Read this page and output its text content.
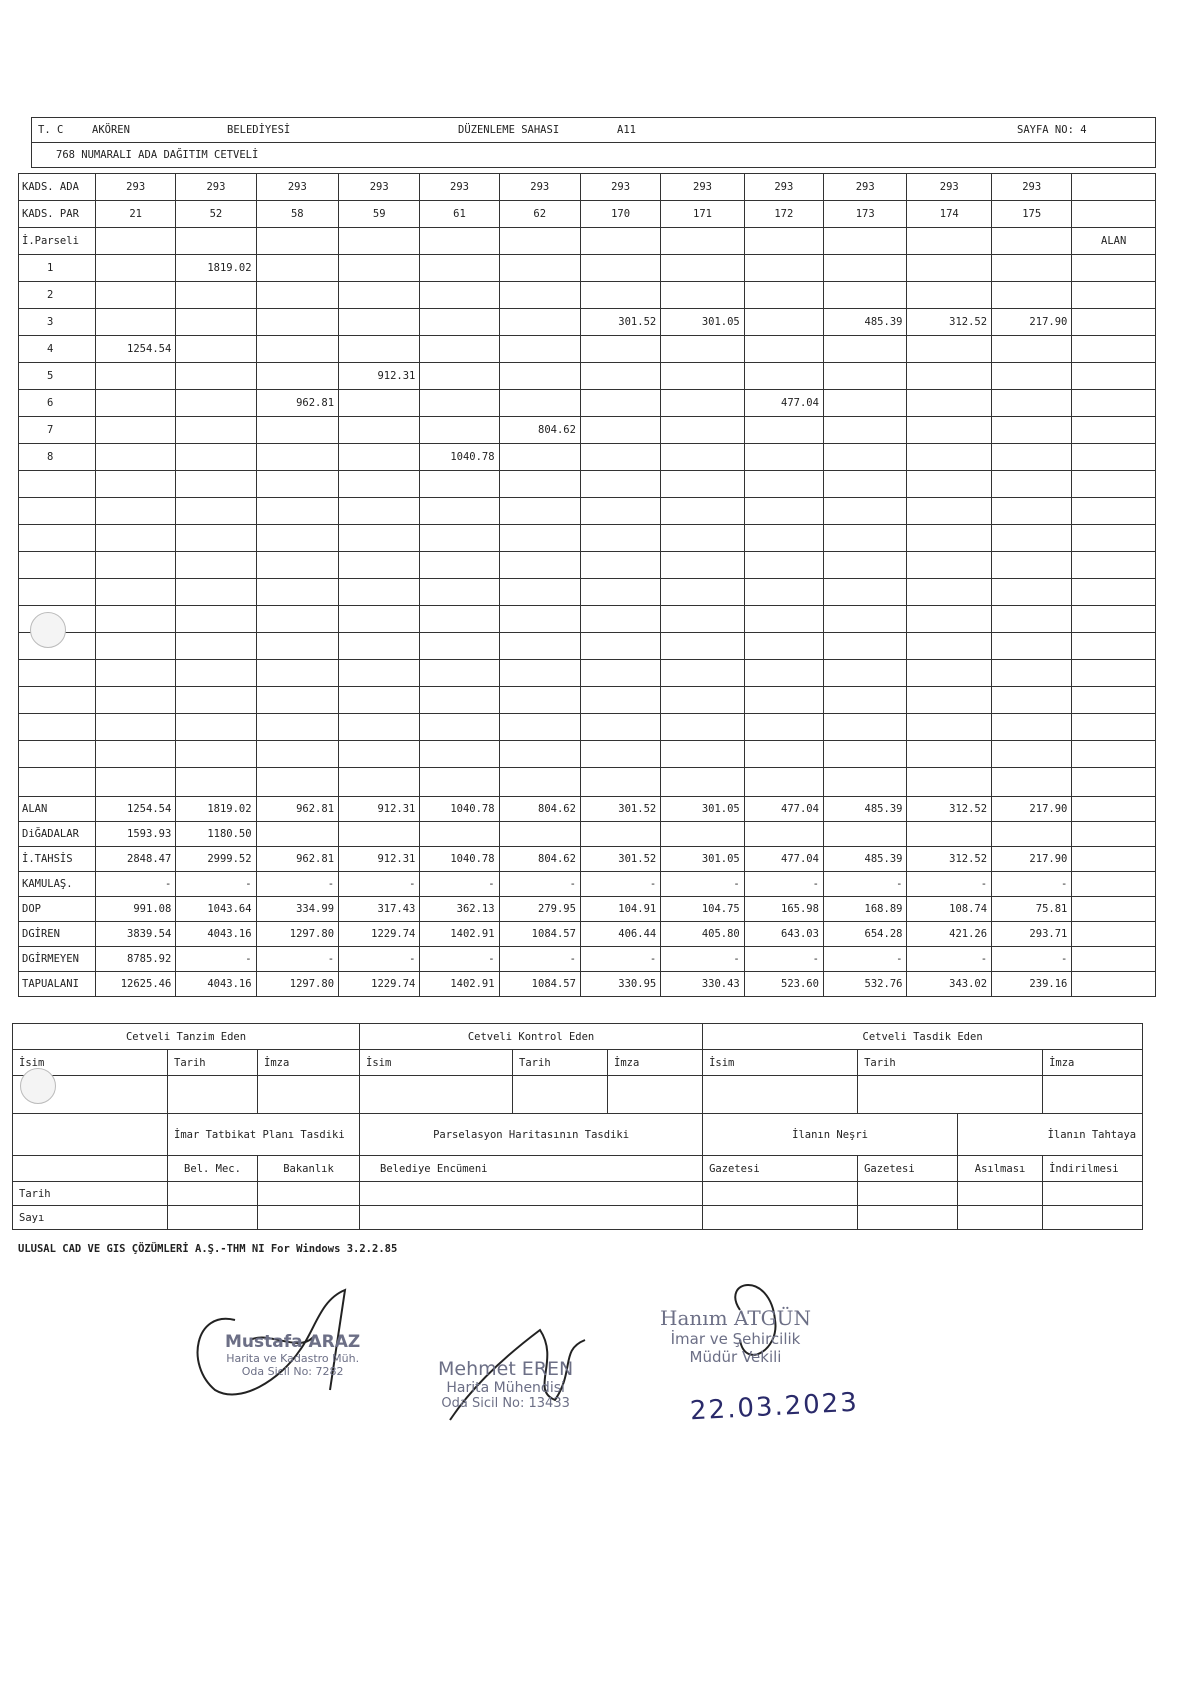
T. C	AKÖREN	BELEDİYESİ	DÜZENLEME SAHASI	A11	SAYFA NO: 4

768 NUMARALI ADA DAĞITIM CETVELİ
KADS. ADA	293	293	293	293	293	293	293	293	293	293	293	293	
KADS. PAR	21	52	58	59	61	62	170	171	172	173	174	175	
İ.Parseli													ALAN
1		1819.02											
2													
3							301.52	301.05		485.39	312.52	217.90	
4	1254.54												
5				912.31									
6			962.81						477.04				
7						804.62							
8					1040.78								

ALAN	1254.54	1819.02	962.81	912.31	1040.78	804.62	301.52	301.05	477.04	485.39	312.52	217.90	
DiĞADALAR	1593.93	1180.50											
İ.TAHSİS	2848.47	2999.52	962.81	912.31	1040.78	804.62	301.52	301.05	477.04	485.39	312.52	217.90	
KAMULAŞ.	-	-	-	-	-	-	-	-	-	-	-	-	
DOP	991.08	1043.64	334.99	317.43	362.13	279.95	104.91	104.75	165.98	168.89	108.74	75.81	
DGİREN	3839.54	4043.16	1297.80	1229.74	1402.91	1084.57	406.44	405.80	643.03	654.28	421.26	293.71	
DGİRMEYEN	8785.92	-	-	-	-	-	-	-	-	-	-	-	
TAPUALANI	12625.46	4043.16	1297.80	1229.74	1402.91	1084.57	330.95	330.43	523.60	532.76	343.02	239.16	
Cetveli Tanzim Eden			Cetveli Kontrol Eden			Cetveli Tasdik Eden			
İsim	Tarih	İmza	İsim	Tarih	İmza	İsim	Tarih		İmza

	İmar Tatbikat Planı Tasdiki		Parselasyon Haritasının Tasdiki			İlanın Neşri		İlanın Tahtaya	
	Bel. Mec.	Bakanlık	Belediye Encümeni			Gazetesi	Gazetesi	Asılması	İndirilmesi
Tarih									
Sayı									
ULUSAL CAD VE GIS ÇÖZÜMLERİ A.Ş.-THM NI For Windows 3.2.2.85
Mustafa ARAZ
Harita ve Kadastro Müh.
Oda Sicil No: 7282	Mehmet EREN
Harita Mühendisi
Oda Sicil No: 13433
Hanım ATGÜN
İmar ve Şehircilik
Müdür Vekili
22.03.2023
